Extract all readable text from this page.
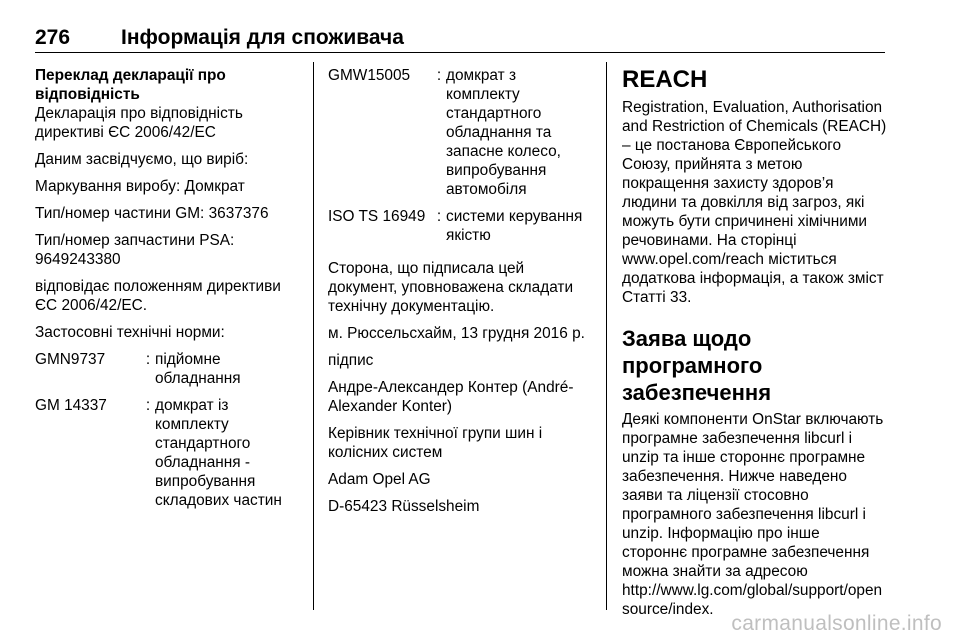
276 Інформація для споживача

Переклад декларації про відповідність

Декларація про відповідність директиві ЄС 2006/42/ЕС

Даним засвідчуємо, що виріб:

Маркування виробу: Домкрат

Тип/номер частини GM: 3637376

Тип/номер запчастини PSA: 9649243380

відповідає положенням директиви ЄС 2006/42/ЕС.

Застосовні технічні норми:

GMN9737	:	підйомне обладнання
GM 14337	:	домкрат із комплекту стандартного обладнання - випробування складових частин
GMW15005	:	домкрат з комплекту стандартного обладнання та запасне колесо, випробування автомобіля
ISO TS 16949	:	системи керування якістю

Сторона, що підписала цей документ, уповноважена складати технічну документацію.

м. Рюссельсхайм, 13 грудня 2016 р.

підпис

Андре-Александер Контер (André-Alexander Konter)

Керівник технічної групи шин і колісних систем

Adam Opel AG

D-65423 Rüsselsheim

REACH

Registration, Evaluation, Authorisation and Restriction of Chemicals (REACH) – це постанова Європейського Союзу, прийнята з метою покращення захисту здоров’я людини та довкілля від загроз, які можуть бути спричинені хімічними речовинами. На сторінці www.opel.com/reach міститься додаткова інформація, а також зміст Статті 33.

Заява щодо програмного забезпечення

Деякі компоненти OnStar включають програмне забезпечення libcurl і unzip та інше стороннє програмне забезпечення. Нижче наведено заяви та ліцензії стосовно програмного забезпечення libcurl і unzip. Інформацію про інше стороннє програмне забезпечення можна знайти за адресою http://www.lg.com/global/support/opensource/index.

carmanualsonline.info
